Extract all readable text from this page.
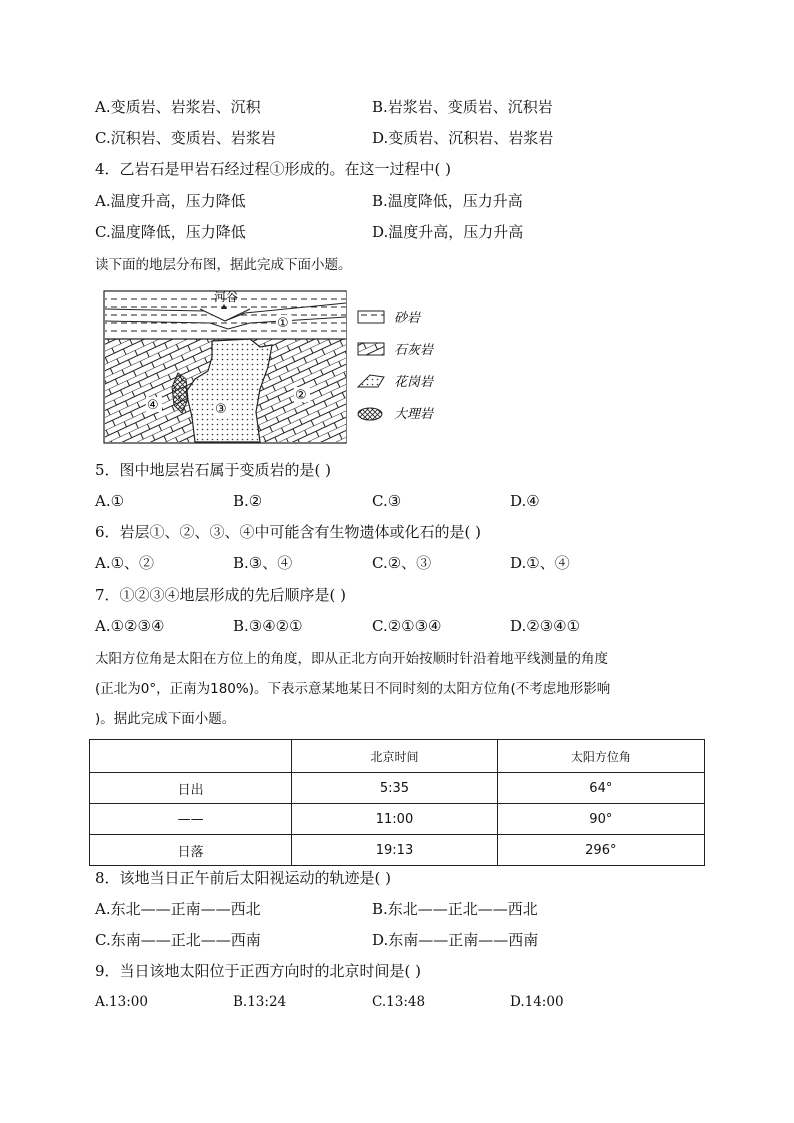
A.变质岩、岩浆岩、沉积	B.岩浆岩、变质岩、沉积岩
C.沉积岩、变质岩、岩浆岩	D.变质岩、沉积岩、岩浆岩
4．乙岩石是甲岩石经过程①形成的。在这一过程中( )
A.温度升高，压力降低	B.温度降低，压力升高
C.温度降低，压力降低	D.温度升高，压力升高
读下面的地层分布图，据此完成下面小题。
河谷
①
②
③
④
砂岩
石灰岩
花岗岩
大理岩
5．图中地层岩石属于变质岩的是( )
A.①	B.②	C.③	D.④
6．岩层①、②、③、④中可能含有生物遗体或化石的是( )
A.①、②	B.③、④	C.②、③	D.①、④
7．①②③④地层形成的先后顺序是( )
A.①②③④	B.③④②①	C.②①③④	D.②③④①
太阳方位角是太阳在方位上的角度，即从正北方向开始按顺时针沿着地平线测量的角度
(正北为0°，正南为180%)。下表示意某地某日不同时刻的太阳方位角(不考虑地形影响
)。据此完成下面小题。
	北京时间	太阳方位角
日出	5:35	64°
——	11:00	90°
日落	19:13	296°
8．该地当日正午前后太阳视运动的轨迹是( )
A.东北——正南——西北	B.东北——正北——西北
C.东南——正北——西南	D.东南——正南——西南
9．当日该地太阳位于正西方向时的北京时间是( )
A.13:00	B.13:24	C.13:48	D.14:00
